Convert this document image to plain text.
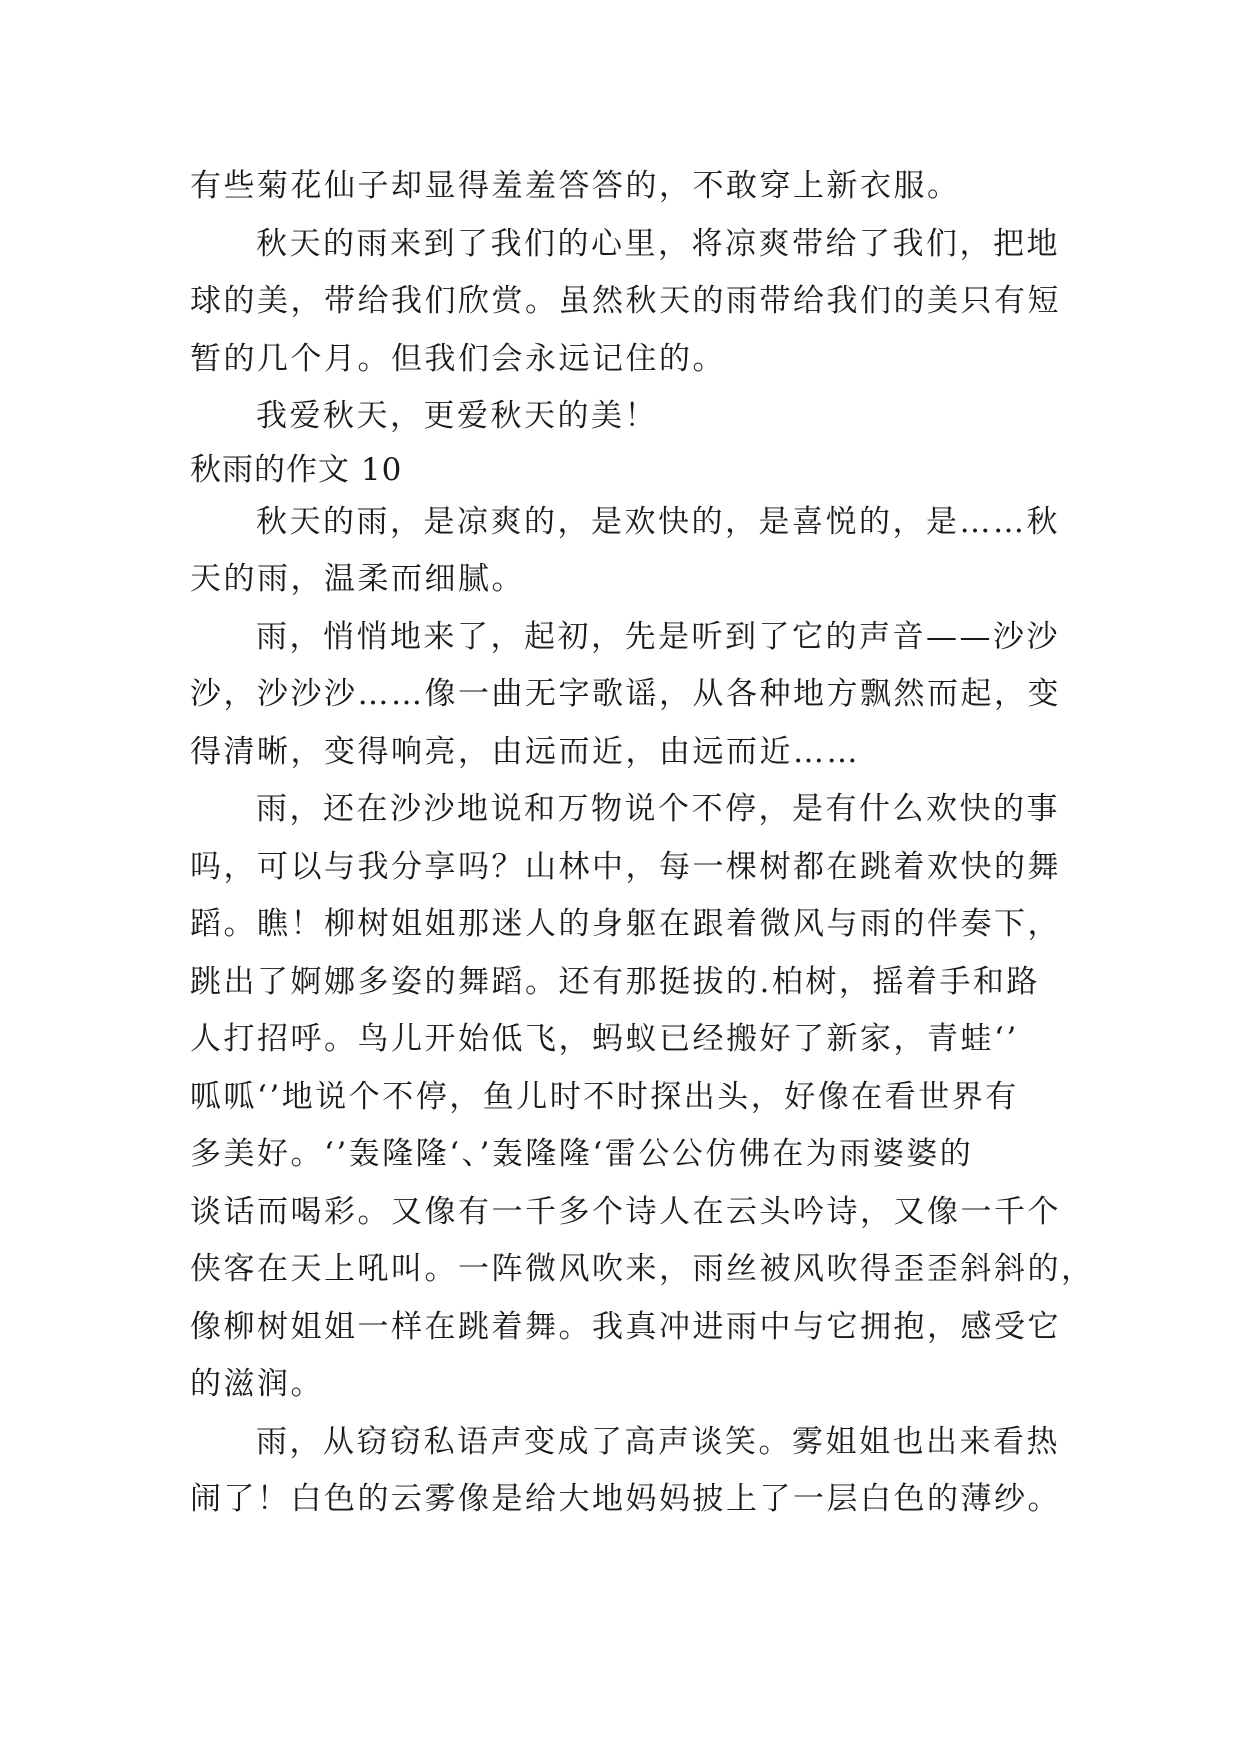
有些菊花仙子却显得羞羞答答的，不敢穿上新衣服。
秋天的雨来到了我们的心里，将凉爽带给了我们，把地
球的美，带给我们欣赏。虽然秋天的雨带给我们的美只有短
暂的几个月。但我们会永远记住的。
我爱秋天，更爱秋天的美！
秋雨的作文 10
秋天的雨，是凉爽的，是欢快的，是喜悦的，是……秋
天的雨，温柔而细腻。
雨，悄悄地来了，起初，先是听到了它的声音——沙沙
沙，沙沙沙……像一曲无字歌谣，从各种地方飘然而起，变
得清晰，变得响亮，由远而近，由远而近……
雨，还在沙沙地说和万物说个不停，是有什么欢快的事
吗，可以与我分享吗？山林中，每一棵树都在跳着欢快的舞
蹈。瞧！柳树姐姐那迷人的身躯在跟着微风与雨的伴奏下，
跳出了婀娜多姿的舞蹈。还有那挺拔的.柏树，摇着手和路
人打招呼。鸟儿开始低飞，蚂蚁已经搬好了新家，青蛙‘’
呱呱‘’地说个不停，鱼儿时不时探出头，好像在看世界有
多美好。‘’轰隆隆‘、’轰隆隆‘雷公公仿佛在为雨婆婆的
谈话而喝彩。又像有一千多个诗人在云头吟诗，又像一千个
侠客在天上吼叫。一阵微风吹来，雨丝被风吹得歪歪斜斜的，
像柳树姐姐一样在跳着舞。我真冲进雨中与它拥抱，感受它
的滋润。
雨，从窃窃私语声变成了高声谈笑。雾姐姐也出来看热
闹了！白色的云雾像是给大地妈妈披上了一层白色的薄纱。
